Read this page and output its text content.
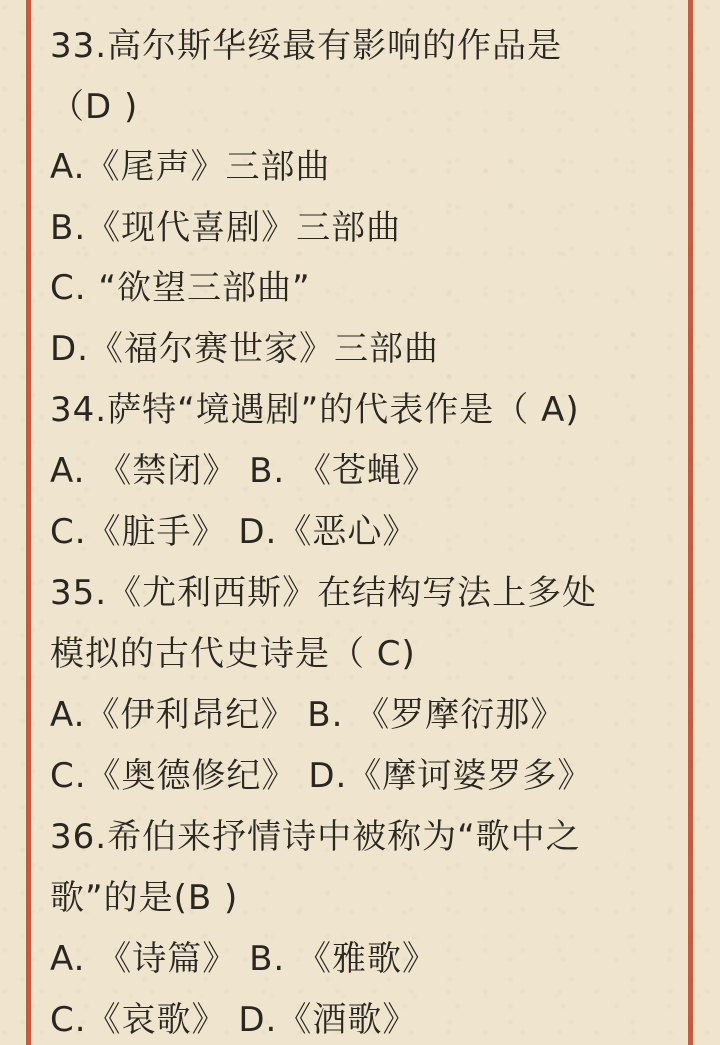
33.高尔斯华绥最有影响的作品是
（D )
A.《尾声》三部曲
B.《现代喜剧》三部曲
C. “欲望三部曲”
D.《福尔赛世家》三部曲
34.萨特“境遇剧”的代表作是（ A)
A. 《禁闭》 B. 《苍蝇》
C.《脏手》 D.《恶心》
35.《尤利西斯》在结构写法上多处
模拟的古代史诗是（ C)
A.《伊利昂纪》 B. 《罗摩衍那》
C.《奥德修纪》 D.《摩诃婆罗多》
36.希伯来抒情诗中被称为“歌中之
歌”的是(B )
A. 《诗篇》 B. 《雅歌》
C.《哀歌》 D.《酒歌》
